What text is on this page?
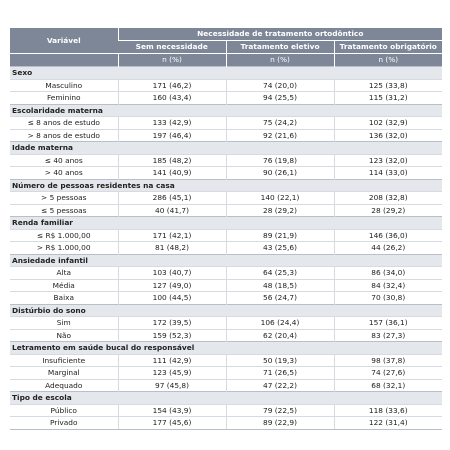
Variável	Necessidade de tratamento ortodôntico		
	Sem necessidade	Tratamento eletivo	Tratamento obrigatório
	n (%)	n (%)	n (%)
Sexo			
Masculino	171 (46,2)	74 (20,0)	125 (33,8)
Feminino	160 (43,4)	94 (25,5)	115 (31,2)
Escolaridade materna			
≤ 8 anos de estudo	133 (42,9)	75 (24,2)	102 (32,9)
> 8 anos de estudo	197 (46,4)	92 (21,6)	136 (32,0)
Idade materna			
≤ 40 anos	185 (48,2)	76 (19,8)	123 (32,0)
> 40 anos	141 (40,9)	90 (26,1)	114 (33,0)
Número de pessoas residentes na casa			
> 5 pessoas	286 (45,1)	140 (22,1)	208 (32,8)
≤ 5 pessoas	40 (41,7)	28 (29,2)	28 (29,2)
Renda familiar			
≤ R$ 1.000,00	171 (42,1)	89 (21,9)	146 (36,0)
> R$ 1.000,00	81 (48,2)	43 (25,6)	44 (26,2)
Ansiedade infantil			
Alta	103 (40,7)	64 (25,3)	86 (34,0)
Média	127 (49,0)	48 (18,5)	84 (32,4)
Baixa	100 (44,5)	56 (24,7)	70 (30,8)
Distúrbio do sono			
Sim	172 (39,5)	106 (24,4)	157 (36,1)
Não	159 (52,3)	62 (20,4)	83 (27,3)
Letramento em saúde bucal do responsável			
Insuficiente	111 (42,9)	50 (19,3)	98 (37,8)
Marginal	123 (45,9)	71 (26,5)	74 (27,6)
Adequado	97 (45,8)	47 (22,2)	68 (32,1)
Tipo de escola			
Público	154 (43,9)	79 (22,5)	118 (33,6)
Privado	177 (45,6)	89 (22,9)	122 (31,4)
